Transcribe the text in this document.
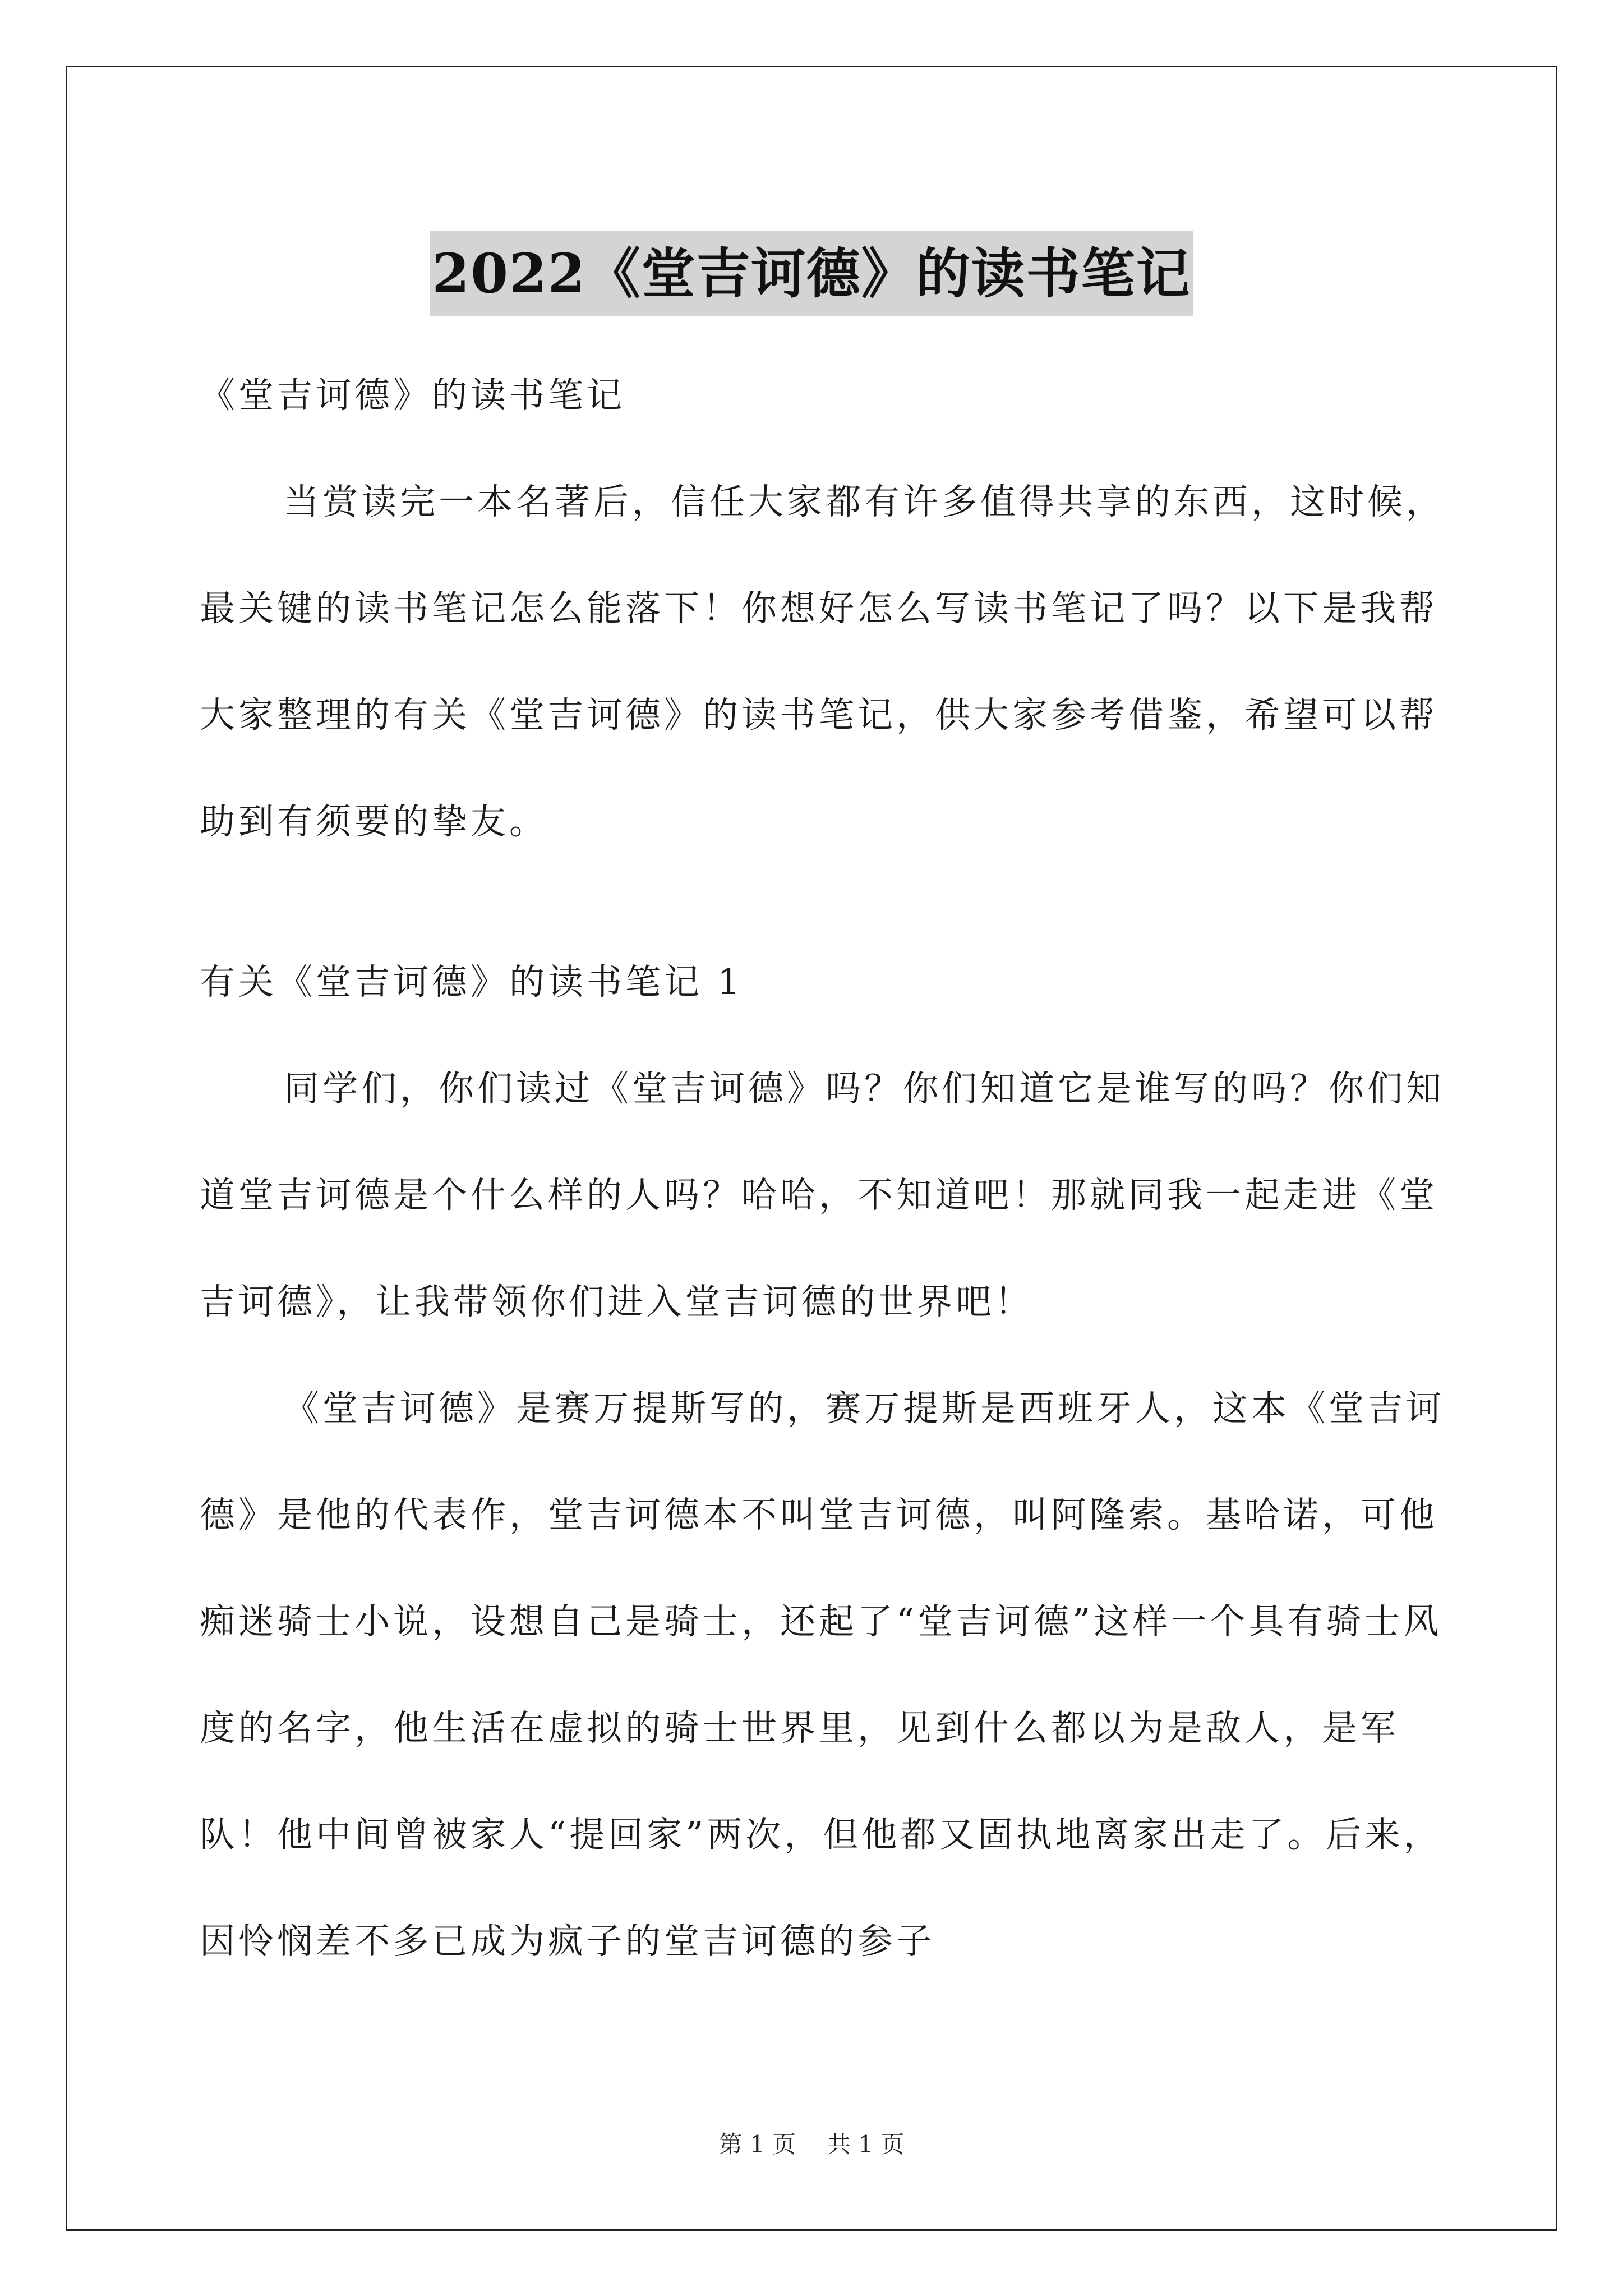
2022《堂吉诃德》的读书笔记

《堂吉诃德》的读书笔记

当赏读完一本名著后，信任大家都有许多值得共享的东西，这时候，最关键的读书笔记怎么能落下！你想好怎么写读书笔记了吗？以下是我帮大家整理的有关《堂吉诃德》的读书笔记，供大家参考借鉴，希望可以帮助到有须要的挚友。

有关《堂吉诃德》的读书笔记 1

同学们，你们读过《堂吉诃德》吗？你们知道它是谁写的吗？你们知道堂吉诃德是个什么样的人吗？哈哈，不知道吧！那就同我一起走进《堂吉诃德》，让我带领你们进入堂吉诃德的世界吧！

《堂吉诃德》是赛万提斯写的，赛万提斯是西班牙人，这本《堂吉诃德》是他的代表作，堂吉诃德本不叫堂吉诃德，叫阿隆索。基哈诺，可他痴迷骑士小说，设想自己是骑士，还起了“堂吉诃德”这样一个具有骑士风度的名字，他生活在虚拟的骑士世界里，见到什么都以为是敌人，是军队！他中间曾被家人“提回家”两次，但他都又固执地离家出走了。后来，因怜悯差不多已成为疯子的堂吉诃德的参子

第 1 页 共 1 页
